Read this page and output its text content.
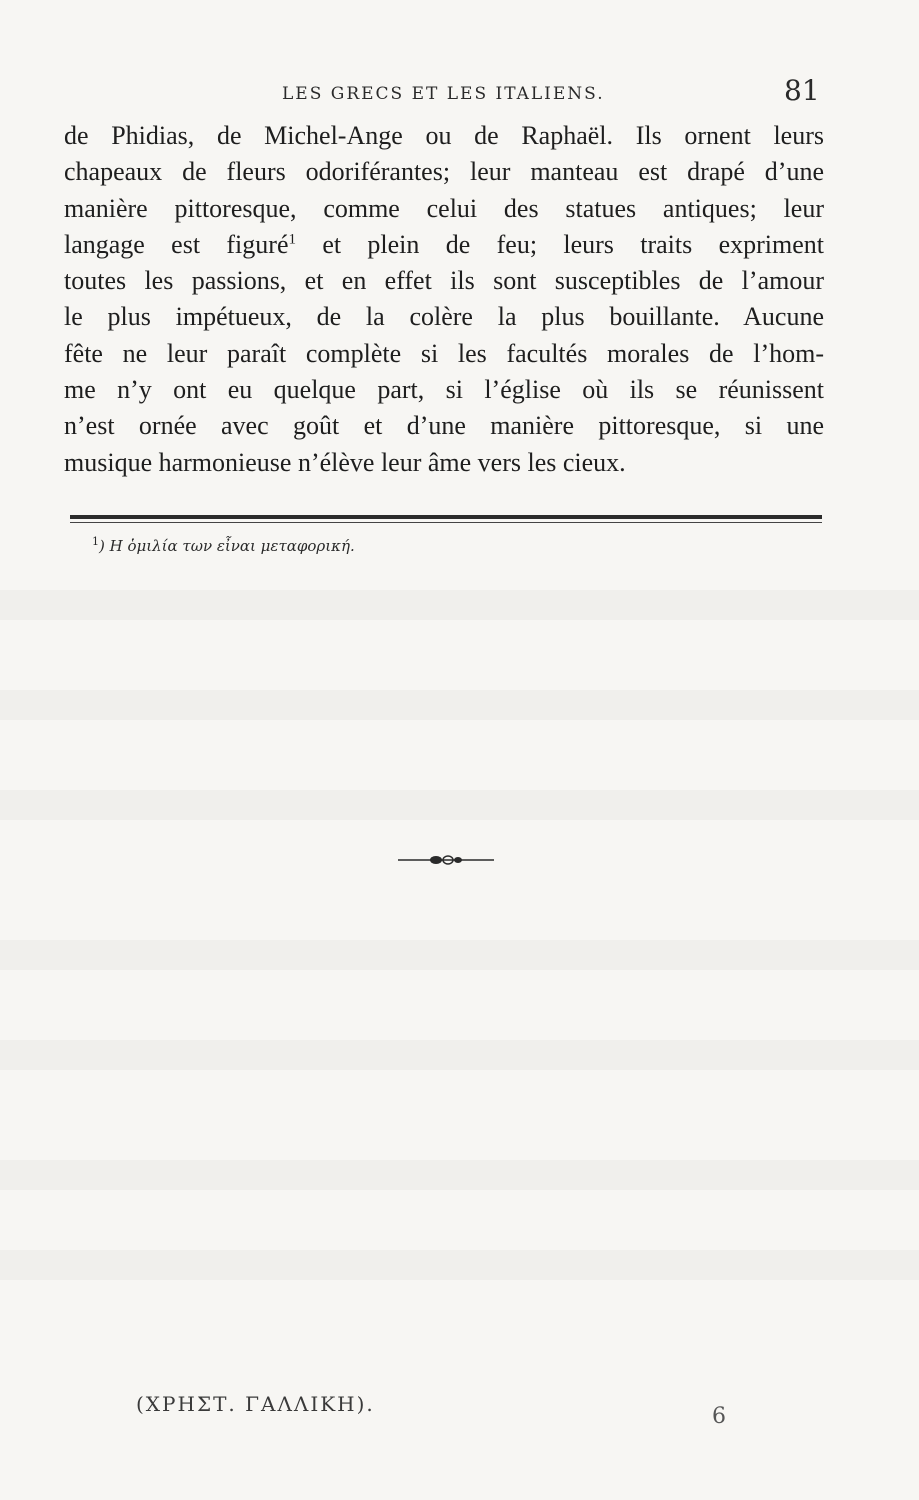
LES GRECS ET LES ITALIENS.	81
de Phidias, de Michel-Ange ou de Raphaël. Ils ornent leurs
chapeaux de fleurs odoriférantes; leur manteau est drapé d’une
manière pittoresque, comme celui des statues antiques; leur
langage est figuré$^1$ et plein de feu; leurs traits expriment
toutes les passions, et en effet ils sont susceptibles de l’amour
le plus impétueux, de la colère la plus bouillante. Aucune
fête ne leur paraît complète si les facultés morales de l’hom-
me n’y ont eu quelque part, si l’église où ils se réunissent
n’est ornée avec goût et d’une manière pittoresque, si une
musique harmonieuse n’élève leur âme vers les cieux.
$^1$) Η ὁμιλία των εἶναι μεταφορική.
(ΧΡΗΣΤ. ΓΑΛΛΙΚΗ).	6
